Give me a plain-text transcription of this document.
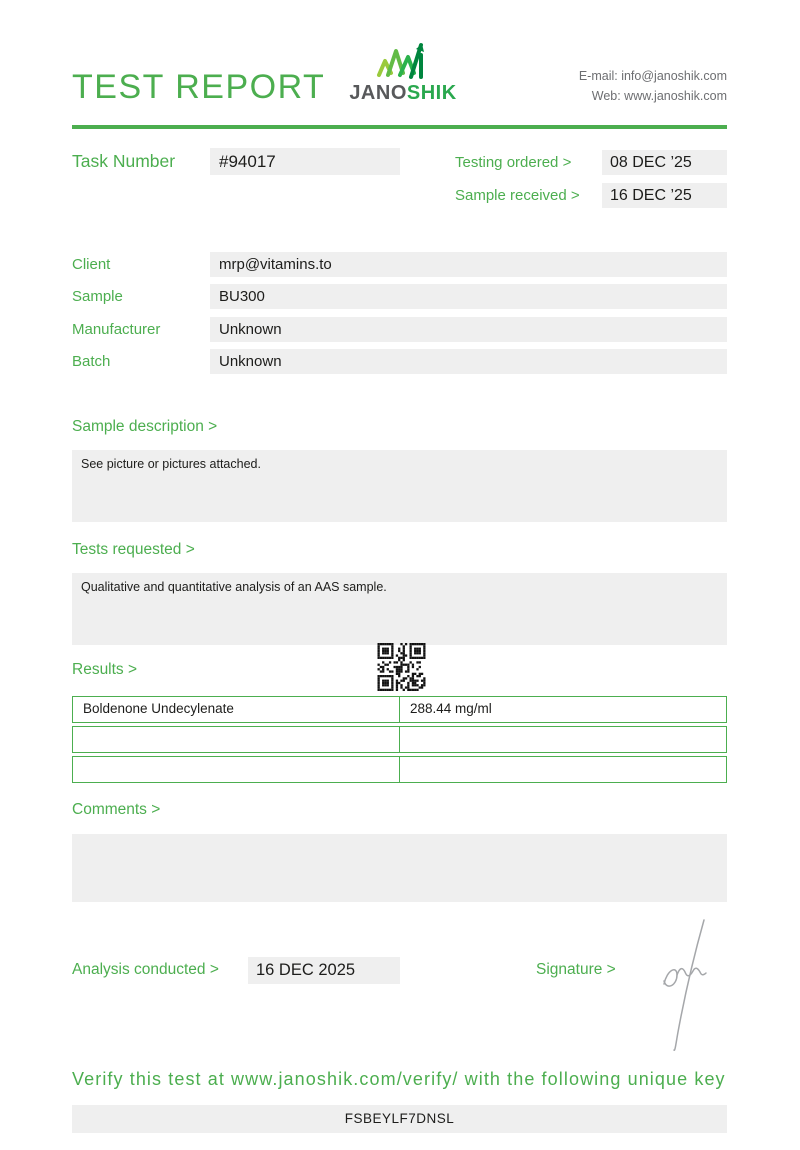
TEST REPORT JANOSHIK
E-mail: info@janoshik.com
Web: www.janoshik.com
Task Number	#94017	Testing ordered >	08 DEC ’25
Sample received >	16 DEC ’25
Client	mrp@vitamins.to
Sample	BU300
Manufacturer	Unknown
Batch	Unknown
Sample description >
See picture or pictures attached.
Tests requested >
Qualitative and quantitative analysis of an AAS sample.
Results >
Boldenone Undecylenate	288.44 mg/ml
Comments >
Analysis conducted >	16 DEC 2025	Signature >
Verify this test at www.janoshik.com/verify/ with the following unique key
FSBEYLF7DNSL
